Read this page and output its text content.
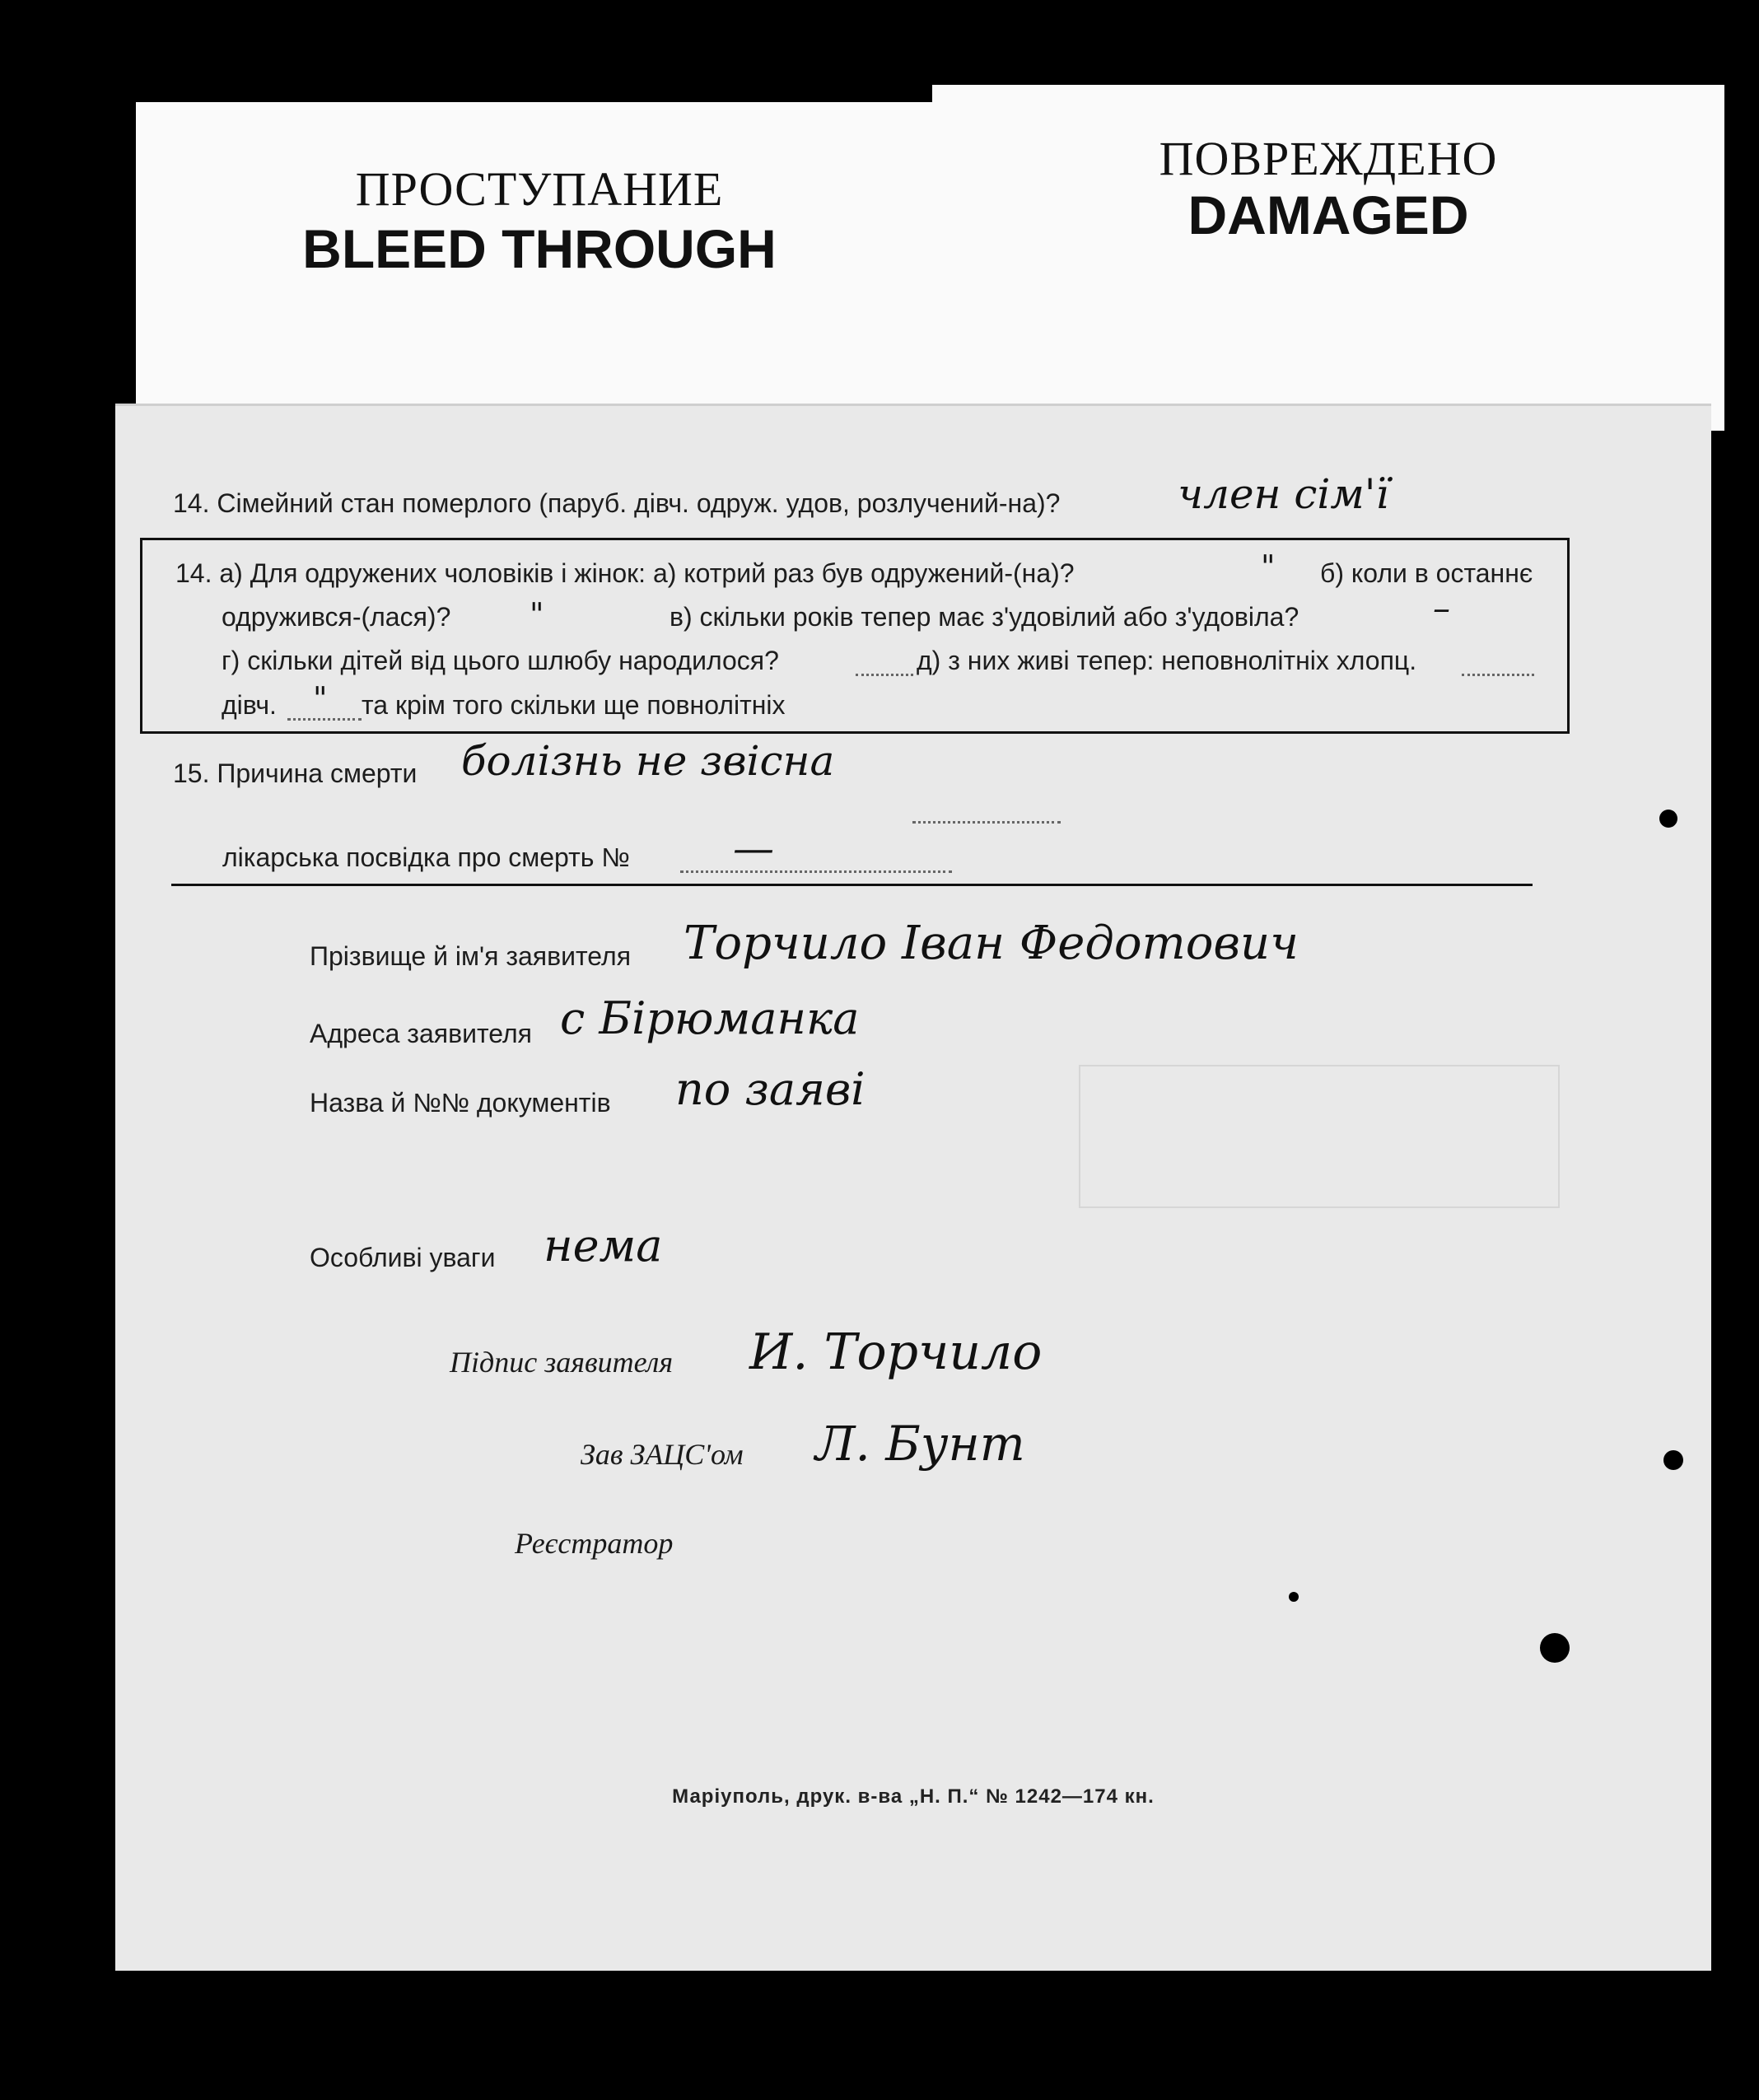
ПРОСТУПАНИЕ
BLEED THROUGH
ПОВРЕЖДЕНО
DAMAGED
14. Сімейний стан померлого (паруб. дівч. одруж. удов, розлучений-на)?	член сім'ї
14. а) Для одружених чоловіків і жінок: а) котрий раз був одружений-(на)?	" б) коли в останнє
одружився-(лася)?	"	в) скільки років тепер має з'удовілий або з'удовіла?	–
г) скільки дітей від цього шлюбу народилося?	д) з них живі тепер: неповнолітніх хлопц.
дівч. " та крім того скільки ще повнолітніх
15. Причина смерти болізнь не звісна
лікарська посвідка про смерть №	—
Прізвище й ім'я заявителя Торчило Іван Федотович
Адреса заявителя с Бірюманка
Назва й №№ документів по заяві
Особливі уваги нема
Підпис заявителя И. Торчило
Зав ЗАЦС'ом Л. Бунт
Реєстратор
Маріуполь, друк. в-ва „Н. П.“ № 1242—174 кн.
